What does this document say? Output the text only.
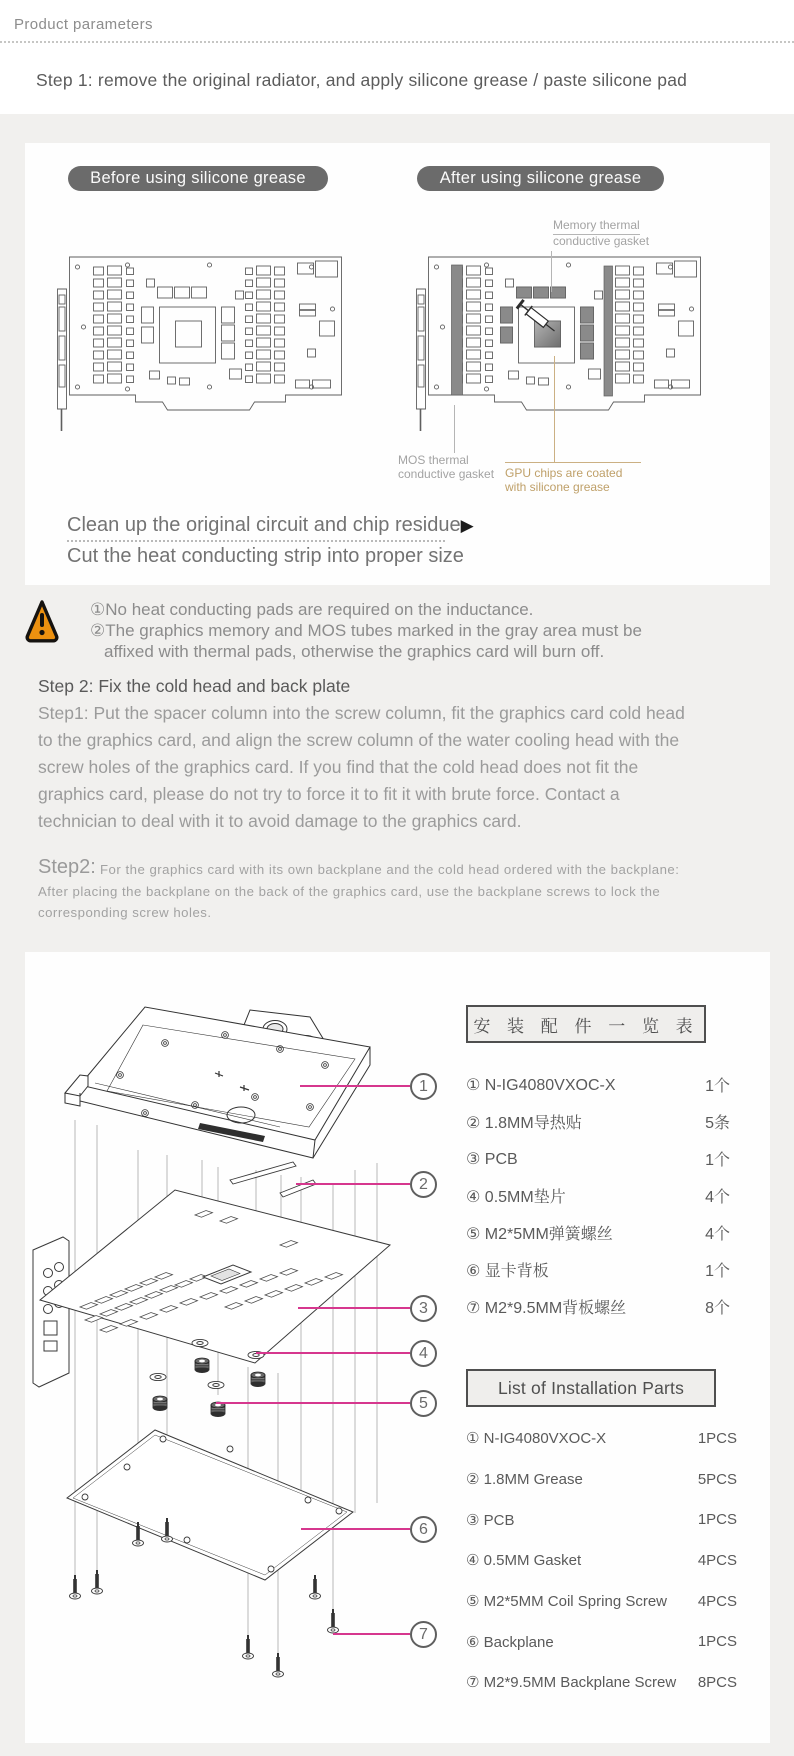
Product parameters
Step 1: remove the original radiator, and apply silicone grease / paste silicone pad
Before using silicone grease	After using silicone grease
Memory thermal
conductive gasket
MOS thermal
conductive gasket GPU chips are coated
with silicone grease
Clean up the original circuit and chip residue▶
Cut the heat conducting strip into proper size
①No heat conducting pads are required on the inductance.
②The graphics memory and MOS tubes marked in the gray area must be
affixed with thermal pads, otherwise the graphics card will burn off.
Step 2: Fix the cold head and back plate
Step1: Put the spacer column into the screw column, fit the graphics card cold head
to the graphics card, and align the screw column of the water cooling head with the
screw holes of the graphics card. If you find that the cold head does not fit the
graphics card, please do not try to force it to fit it with brute force. Contact a
technician to deal with it to avoid damage to the graphics card.
Step2: For the graphics card with its own backplane and the cold head ordered with the backplane:
After placing the backplane on the back of the graphics card, use the backplane screws to lock the
corresponding screw holes.
1
2
3
4
5
6
7
安 装 配 件 一 览 表
① N-IG4080VXOC-X	1个
② 1.8MM导热贴	5条
③ PCB	1个
④ 0.5MM垫片	4个
⑤ M2*5MM弹簧螺丝	4个
⑥ 显卡背板	1个
⑦ M2*9.5MM背板螺丝	8个
List of Installation Parts
① N-IG4080VXOC-X	1PCS
② 1.8MM Grease	5PCS
③ PCB	1PCS
④ 0.5MM Gasket	4PCS
⑤ M2*5MM Coil Spring Screw 4PCS
⑥ Backplane	1PCS
⑦ M2*9.5MM Backplane Screw 8PCS
